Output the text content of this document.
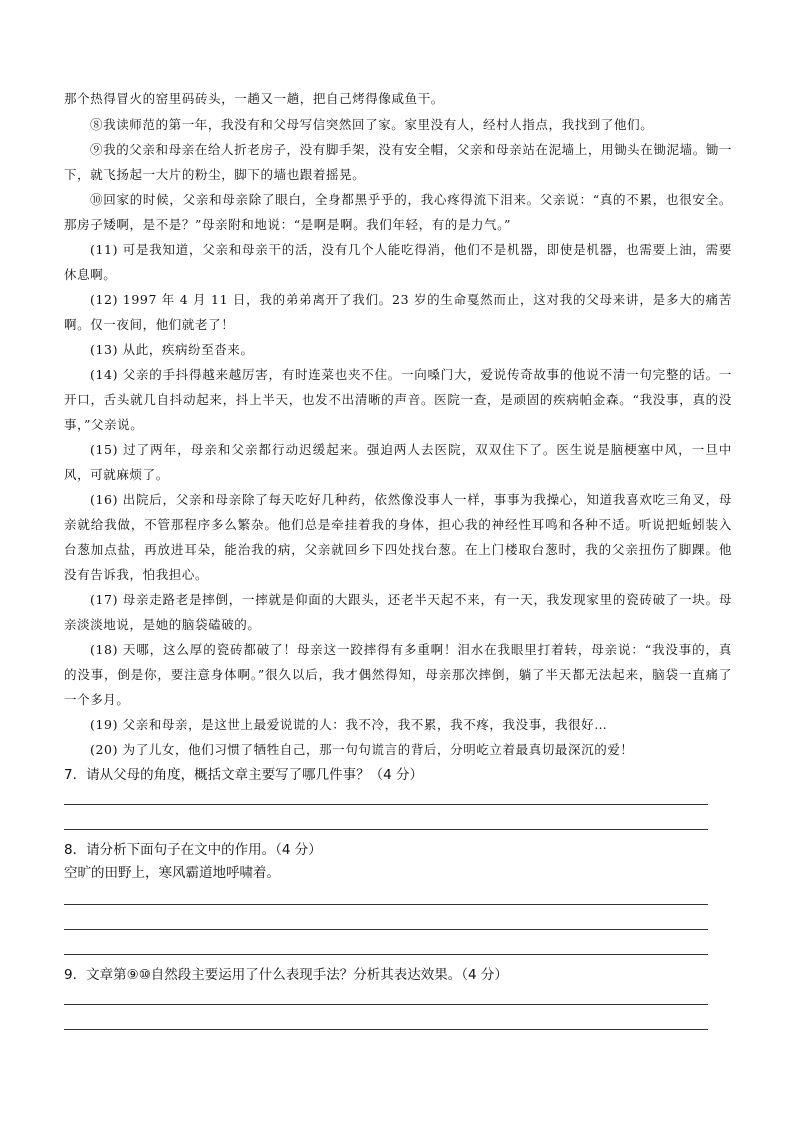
那个热得冒火的窑里码砖头，一趟又一趟，把自己烤得像咸鱼干。

⑧我读师范的第一年，我没有和父母写信突然回了家。家里没有人，经村人指点，我找到了他们。

⑨我的父亲和母亲在给人折老房子，没有脚手架，没有安全帽，父亲和母亲站在泥墙上，用锄头在锄泥墙。锄一下，就飞扬起一大片的粉尘，脚下的墙也跟着摇晃。

⑩回家的时候，父亲和母亲除了眼白，全身都黑乎乎的，我心疼得流下泪来。父亲说：“真的不累，也很安全。那房子矮啊，是不是？”母亲附和地说：“是啊是啊。我们年轻，有的是力气。”

(11) 可是我知道，父亲和母亲干的活，没有几个人能吃得消，他们不是机器，即使是机器，也需要上油，需要休息啊。

(12) 1997 年 4 月 11 日，我的弟弟离开了我们。23 岁的生命戛然而止，这对我的父母来讲，是多大的痛苦啊。仅一夜间，他们就老了！

(13) 从此，疾病纷至沓来。

(14) 父亲的手抖得越来越厉害，有时连菜也夹不住。一向嗓门大，爱说传奇故事的他说不清一句完整的话。一开口，舌头就几自抖动起来，抖上半天，也发不出清晰的声音。医院一查，是顽固的疾病帕金森。“我没事，真的没事，”父亲说。

(15) 过了两年，母亲和父亲都行动迟缓起来。强迫两人去医院，双双住下了。医生说是脑梗塞中风，一旦中风，可就麻烦了。

(16) 出院后，父亲和母亲除了每天吃好几种药，依然像没事人一样，事事为我操心，知道我喜欢吃三角叉，母亲就给我做，不管那程序多么繁杂。他们总是牵挂着我的身体，担心我的神经性耳鸣和各种不适。听说把蚯蚓装入台葱加点盐，再放进耳朵，能治我的病，父亲就回乡下四处找台葱。在上门楼取台葱时，我的父亲扭伤了脚踝。他没有告诉我，怕我担心。

(17) 母亲走路老是摔倒，一摔就是仰面的大跟头，还老半天起不来，有一天，我发现家里的瓷砖破了一块。母亲淡淡地说，是她的脑袋磕破的。

(18) 天哪，这么厚的瓷砖都破了！母亲这一跤摔得有多重啊！泪水在我眼里打着转，母亲说：“我没事的，真的没事，倒是你，要注意身体啊。”很久以后，我才偶然得知，母亲那次摔倒，躺了半天都无法起来，脑袋一直痛了一个多月。

(19) 父亲和母亲，是这世上最爱说谎的人：我不冷，我不累，我不疼，我没事，我很好…

(20) 为了儿女，他们习惯了牺牲自己，那一句句谎言的背后，分明屹立着最真切最深沉的爱！

7．请从父母的角度，概括文章主要写了哪几件事？（4 分）

8．请分析下面句子在文中的作用。（4 分）

空旷的田野上，寒风霸道地呼啸着。

9．文章第⑨⑩自然段主要运用了什么表现手法？分析其表达效果。（4 分）
